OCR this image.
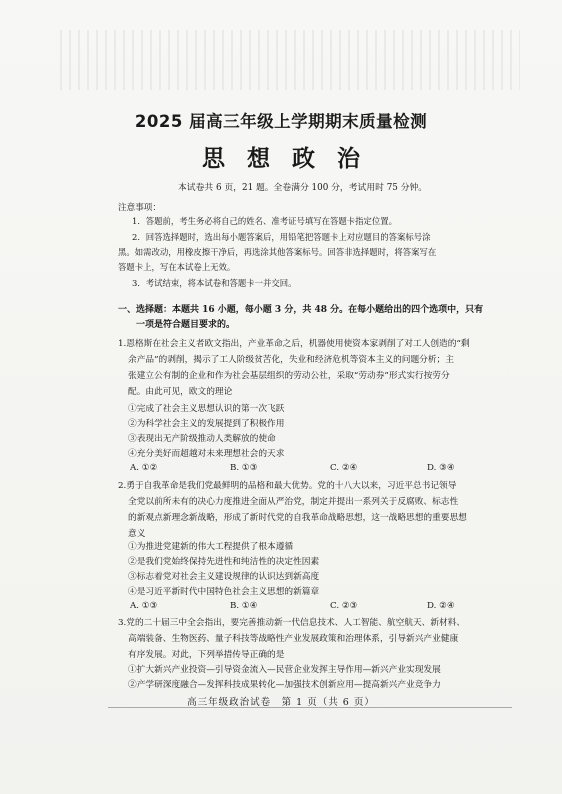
2025 届高三年级上学期期末质量检测
思想政治
本试卷共 6 页，21 题。全卷满分 100 分，考试用时 75 分钟。
注意事项：
1．答题前，考生务必将自己的姓名、准考证号填写在答题卡指定位置。
2．回答选择题时，选出每小题答案后，用铅笔把答题卡上对应题目的答案标号涂
黑。如需改动，用橡皮擦干净后，再选涂其他答案标号。回答非选择题时，将答案写在
答题卡上，写在本试卷上无效。
3．考试结束，将本试卷和答题卡一并交回。
一、选择题：本题共 16 小题，每小题 3 分，共 48 分。在每小题给出的四个选项中，只有
一项是符合题目要求的。
1.恩格斯在社会主义者欧文指出，产业革命之后，机器使用使资本家剥削了对工人创造的“剩
余产品”的剥削，揭示了工人阶级贫苦化，失业和经济危机等资本主义的问题分析；主
张建立公有制的企业和作为社会基层组织的劳动公社，采取“劳动券”形式实行按劳分
配。由此可见，欧文的理论
①完成了社会主义思想认识的第一次飞跃
②为科学社会主义的发展提到了积极作用
③表现出无产阶级推动人类解放的使命
④充分美好而超越对未来理想社会的天求
A. ①②	B. ①③	C. ②④	D. ③④
2.勇于自我革命是我们党最鲜明的品格和最大优势。党的十八大以来，习近平总书记领导
全党以前所未有的决心力度推进全面从严治党，制定并提出一系列关于反腐败、标志性
的新观点新理念新战略，形成了新时代党的自我革命战略思想，这一战略思想的重要思想
意义
①为推进党建新的伟大工程提供了根本遵循
②是我们党始终保持先进性和纯洁性的决定性因素
③标志着党对社会主义建设规律的认识达到新高度
④是习近平新时代中国特色社会主义思想的新篇章
A. ①③	B. ①④	C. ②③	D. ②④
3.党的二十届三中全会指出，要完善推动新一代信息技术、人工智能、航空航天、新材料、
高端装备、生物医药、量子科技等战略性产业发展政策和治理体系，引导新兴产业健康
有序发展。对此，下列举措传导正确的是
①扩大新兴产业投资—引导资金流入—民营企业发挥主导作用—新兴产业实现发展
②产学研深度融合—发挥科技成果转化—加强技术创新应用—提高新兴产业竞争力
高三年级政治试卷　第 1 页（共 6 页）
